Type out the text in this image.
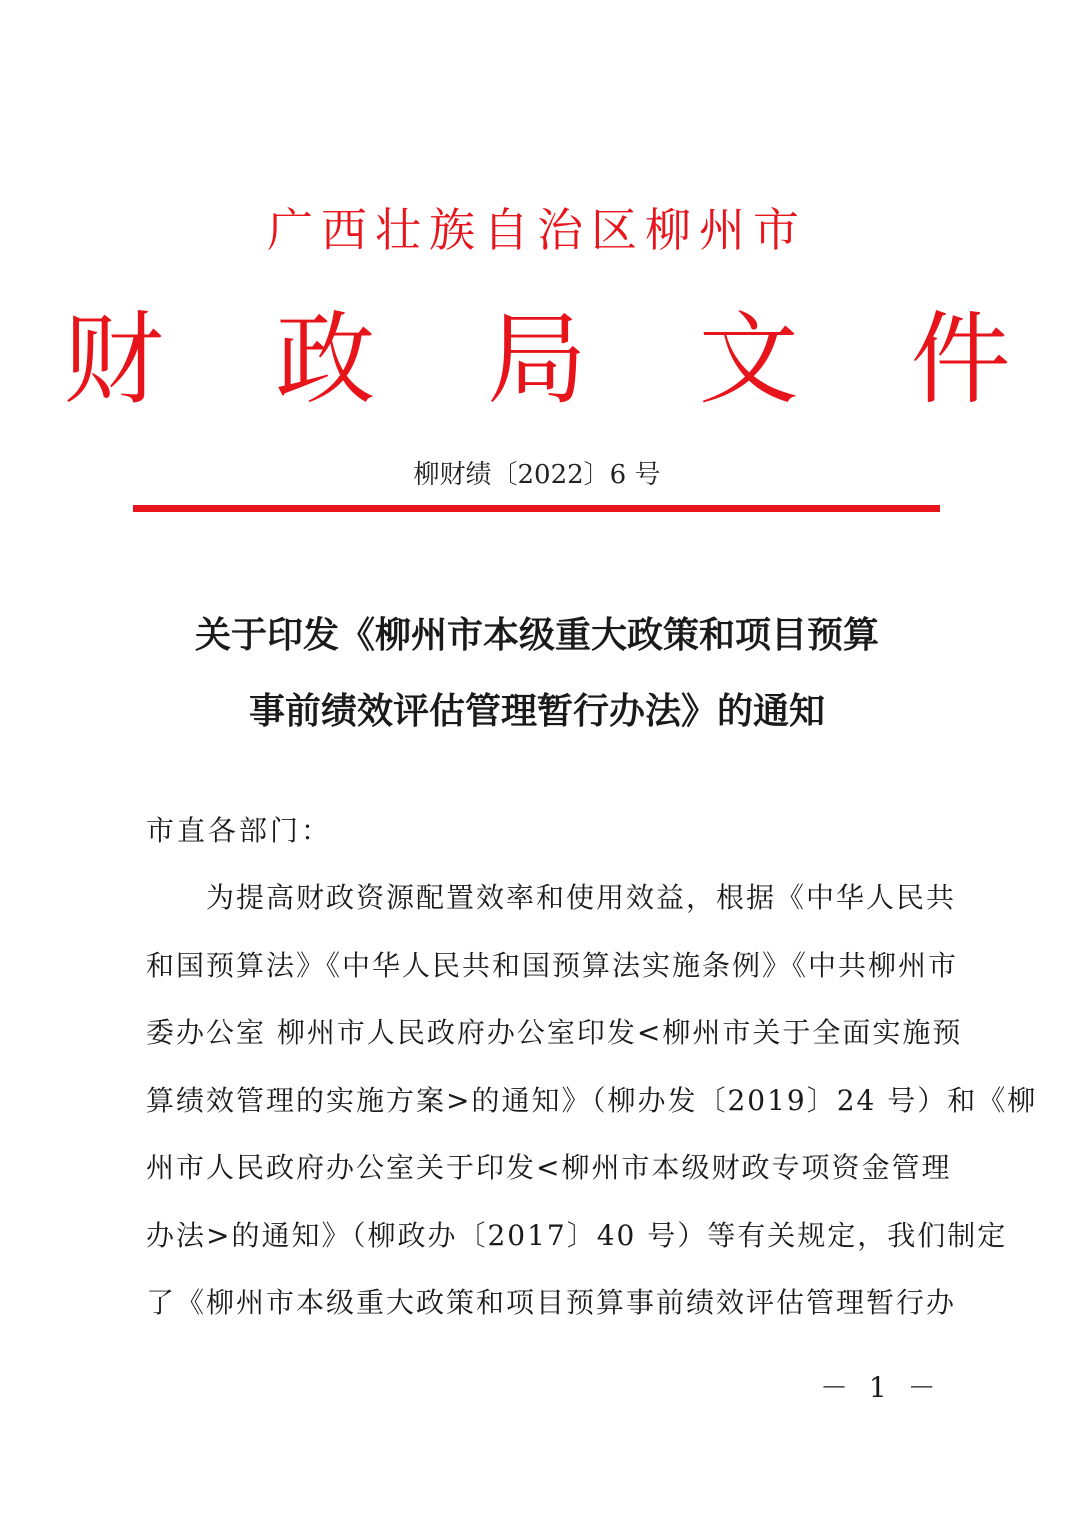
广西壮族自治区柳州市
财 政 局 文 件
柳财绩〔2022〕6 号
关于印发《柳州市本级重大政策和项目预算
事前绩效评估管理暂行办法》的通知
市直各部门：
　　为提高财政资源配置效率和使用效益，根据《中华人民共
和国预算法》《中华人民共和国预算法实施条例》《中共柳州市
委办公室 柳州市人民政府办公室印发<柳州市关于全面实施预
算绩效管理的实施方案>的通知》（柳办发〔2019〕24 号）和《柳
州市人民政府办公室关于印发<柳州市本级财政专项资金管理
办法>的通知》（柳政办〔2017〕40 号）等有关规定，我们制定
了《柳州市本级重大政策和项目预算事前绩效评估管理暂行办
－ 1 －
